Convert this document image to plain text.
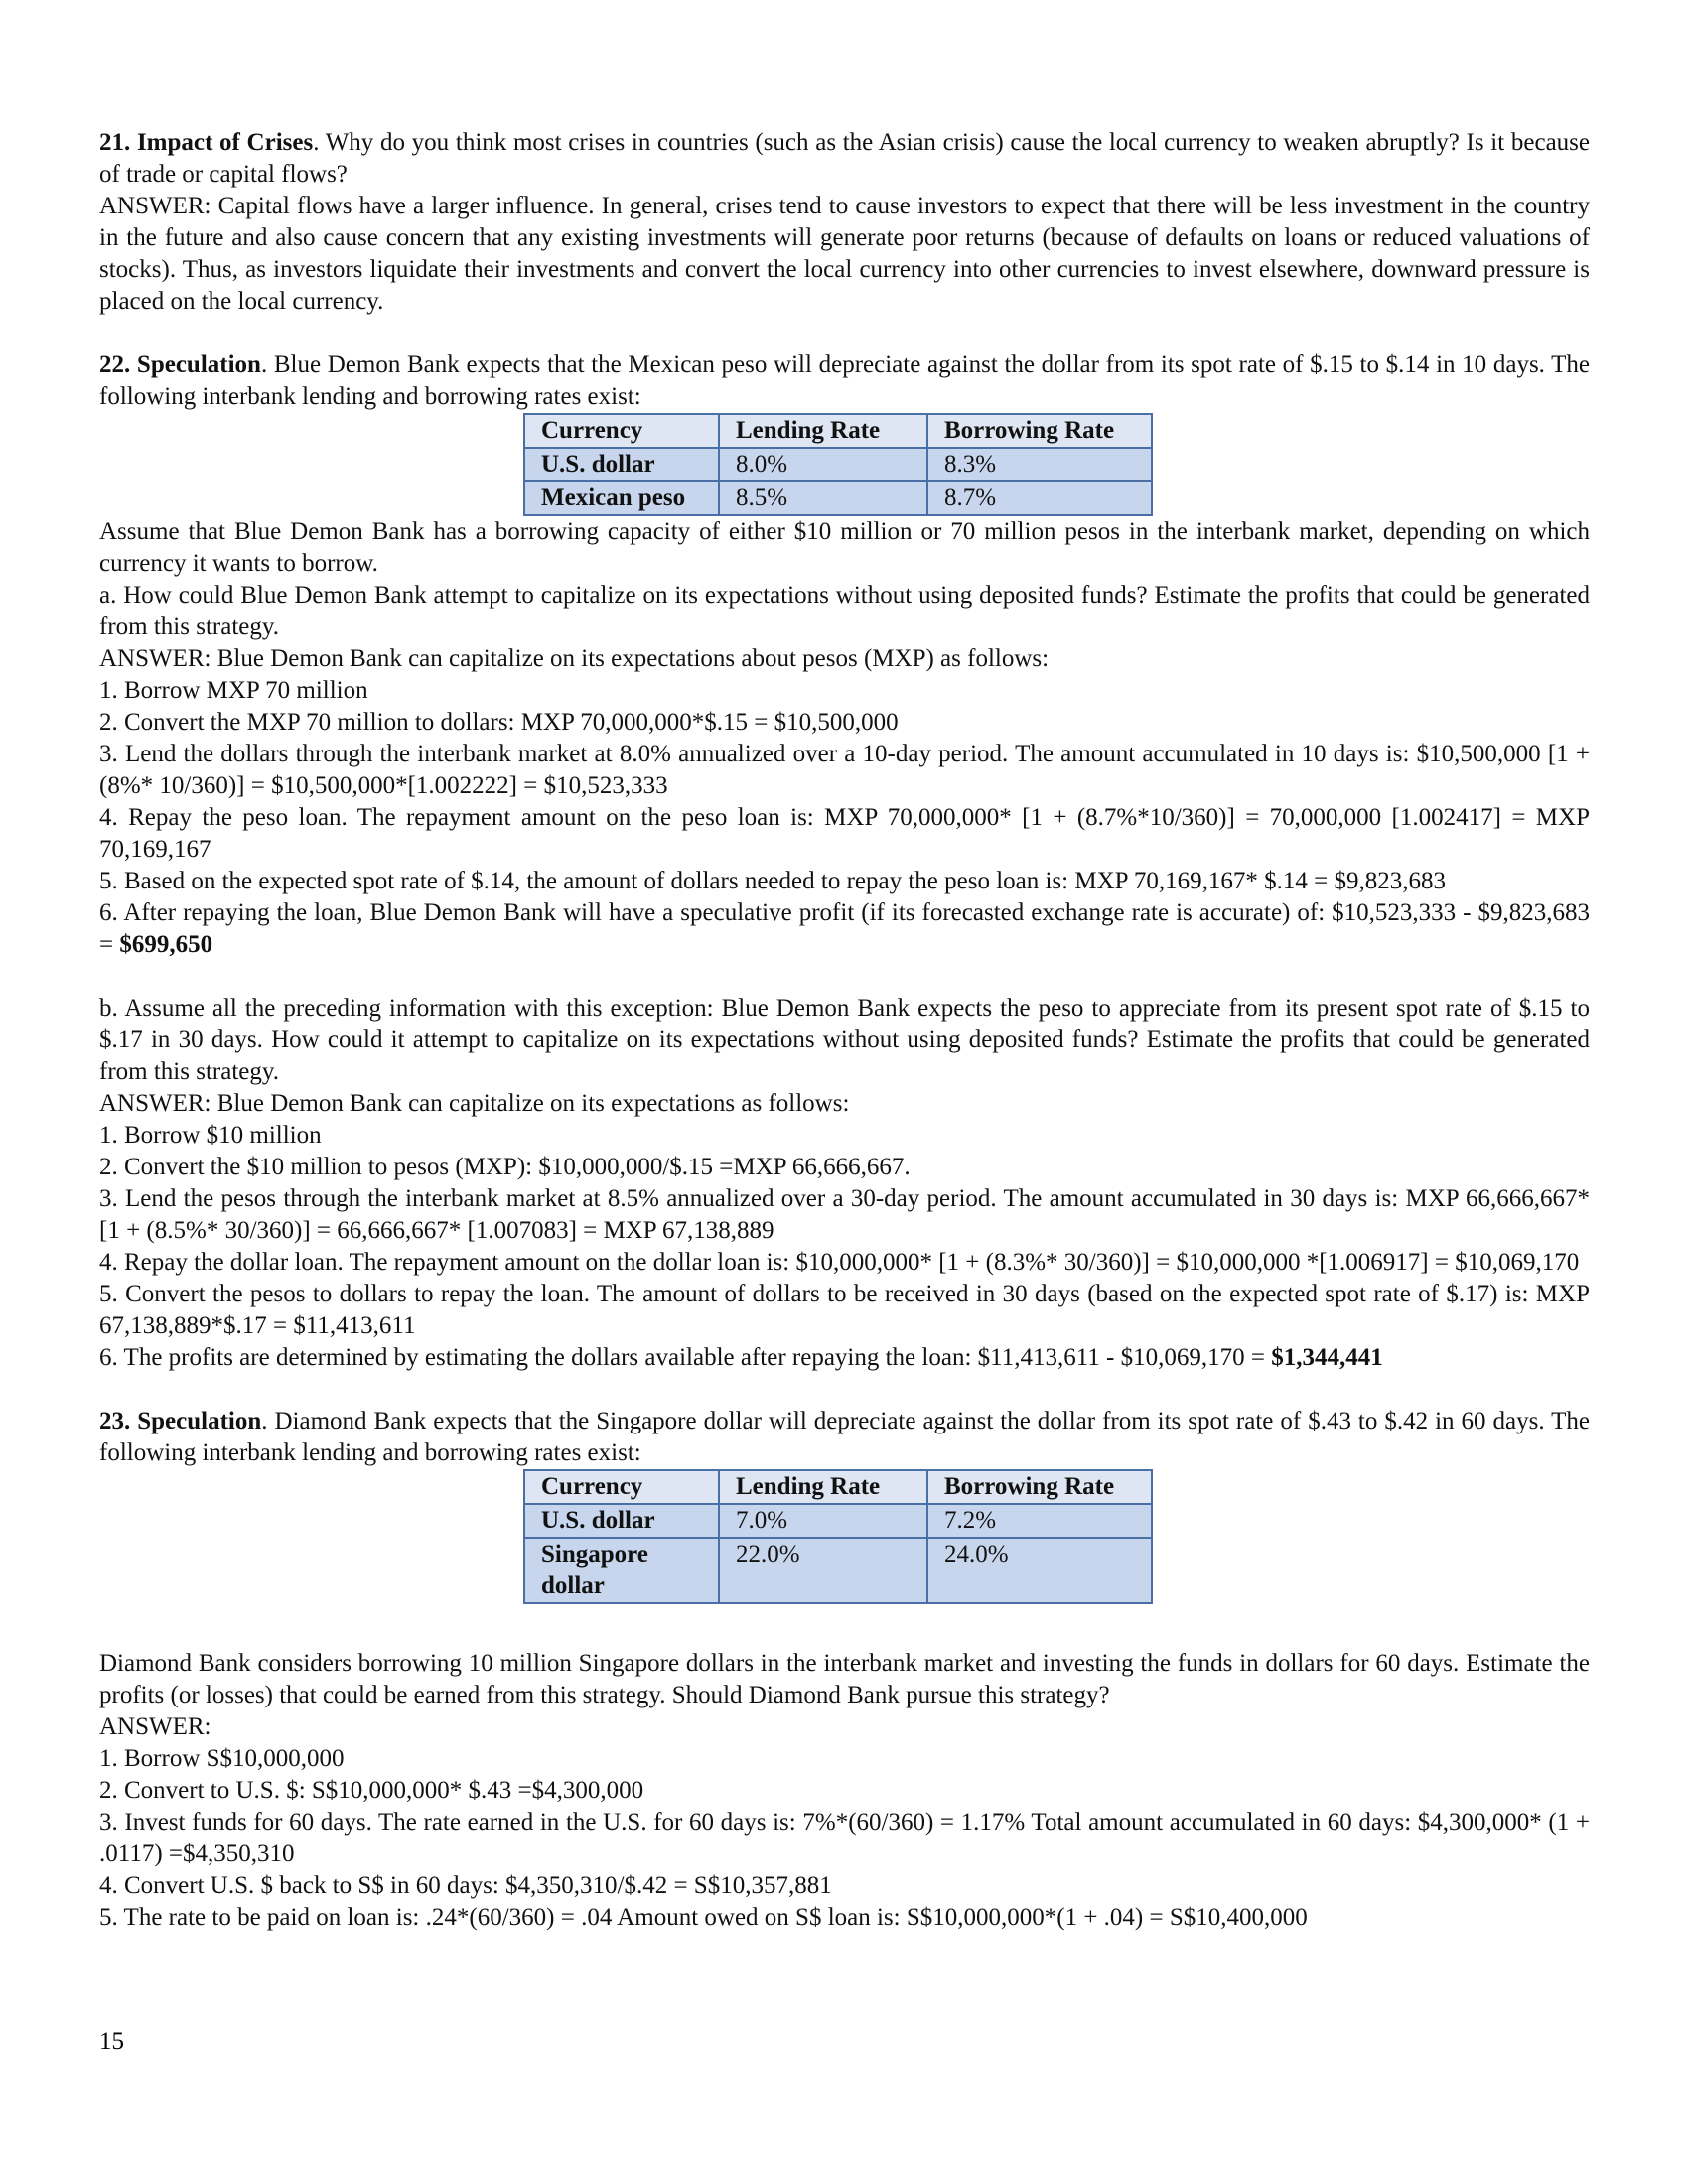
21. Impact of Crises. Why do you think most crises in countries (such as the Asian crisis) cause the local currency to weaken abruptly? Is it because of trade or capital flows?

ANSWER: Capital flows have a larger influence. In general, crises tend to cause investors to expect that there will be less investment in the country in the future and also cause concern that any existing investments will generate poor returns (because of defaults on loans or reduced valuations of stocks). Thus, as investors liquidate their investments and convert the local currency into other currencies to invest elsewhere, downward pressure is placed on the local currency.

22. Speculation. Blue Demon Bank expects that the Mexican peso will depreciate against the dollar from its spot rate of $.15 to $.14 in 10 days. The following interbank lending and borrowing rates exist:

Currency	Lending Rate	Borrowing Rate
U.S. dollar	8.0%	8.3%
Mexican peso	8.5%	8.7%

Assume that Blue Demon Bank has a borrowing capacity of either $10 million or 70 million pesos in the interbank market, depending on which currency it wants to borrow.

a. How could Blue Demon Bank attempt to capitalize on its expectations without using deposited funds? Estimate the profits that could be generated from this strategy.

ANSWER: Blue Demon Bank can capitalize on its expectations about pesos (MXP) as follows:

1. Borrow MXP 70 million

2. Convert the MXP 70 million to dollars: MXP 70,000,000*$.15 = $10,500,000

3. Lend the dollars through the interbank market at 8.0% annualized over a 10-day period. The amount accumulated in 10 days is: $10,500,000 [1 + (8%* 10/360)] = $10,500,000*[1.002222] = $10,523,333

4. Repay the peso loan. The repayment amount on the peso loan is: MXP 70,000,000* [1 + (8.7%*10/360)] = 70,000,000 [1.002417] = MXP 70,169,167

5. Based on the expected spot rate of $.14, the amount of dollars needed to repay the peso loan is: MXP 70,169,167* $.14 = $9,823,683

6. After repaying the loan, Blue Demon Bank will have a speculative profit (if its forecasted exchange rate is accurate) of: $10,523,333 - $9,823,683 = $699,650

b. Assume all the preceding information with this exception: Blue Demon Bank expects the peso to appreciate from its present spot rate of $.15 to $.17 in 30 days. How could it attempt to capitalize on its expectations without using deposited funds? Estimate the profits that could be generated from this strategy.

ANSWER: Blue Demon Bank can capitalize on its expectations as follows:

1. Borrow $10 million

2. Convert the $10 million to pesos (MXP): $10,000,000/$.15 =MXP 66,666,667.

3. Lend the pesos through the interbank market at 8.5% annualized over a 30-day period. The amount accumulated in 30 days is: MXP 66,666,667* [1 + (8.5%* 30/360)] = 66,666,667* [1.007083] = MXP 67,138,889

4. Repay the dollar loan. The repayment amount on the dollar loan is: $10,000,000* [1 + (8.3%* 30/360)] = $10,000,000 *[1.006917] = $10,069,170

5. Convert the pesos to dollars to repay the loan. The amount of dollars to be received in 30 days (based on the expected spot rate of $.17) is: MXP 67,138,889*$.17 = $11,413,611

6. The profits are determined by estimating the dollars available after repaying the loan: $11,413,611 - $10,069,170 = $1,344,441

23. Speculation. Diamond Bank expects that the Singapore dollar will depreciate against the dollar from its spot rate of $.43 to $.42 in 60 days. The following interbank lending and borrowing rates exist:

Currency	Lending Rate	Borrowing Rate
U.S. dollar	7.0%	7.2%
Singapore dollar	22.0%	24.0%

Diamond Bank considers borrowing 10 million Singapore dollars in the interbank market and investing the funds in dollars for 60 days. Estimate the profits (or losses) that could be earned from this strategy. Should Diamond Bank pursue this strategy?

ANSWER:

1. Borrow S$10,000,000

2. Convert to U.S. $: S$10,000,000* $.43 =$4,300,000

3. Invest funds for 60 days. The rate earned in the U.S. for 60 days is: 7%*(60/360) = 1.17% Total amount accumulated in 60 days: $4,300,000* (1 + .0117) =$4,350,310

4. Convert U.S. $ back to S$ in 60 days: $4,350,310/$.42 = S$10,357,881

5. The rate to be paid on loan is: .24*(60/360) = .04 Amount owed on S$ loan is: S$10,000,000*(1 + .04) = S$10,400,000

15
